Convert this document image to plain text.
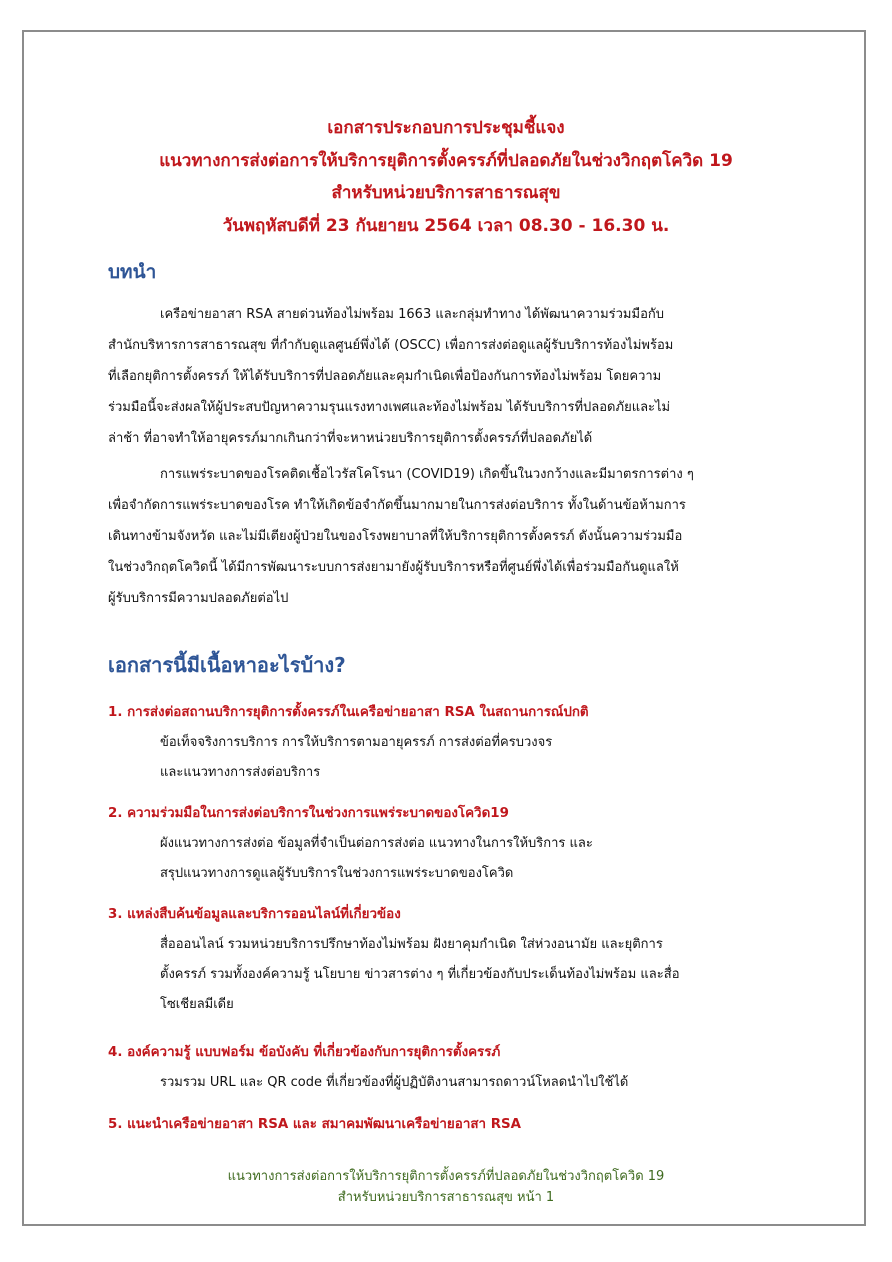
เอกสารประกอบการประชุมชี้แจง
แนวทางการส่งต่อการให้บริการยุติการตั้งครรภ์ที่ปลอดภัยในช่วงวิกฤตโควิด 19
สำหรับหน่วยบริการสาธารณสุข
วันพฤหัสบดีที่ 23 กันยายน 2564 เวลา 08.30 - 16.30 น.
บทนำ
เครือข่ายอาสา RSA สายด่วนท้องไม่พร้อม 1663 และกลุ่มทำทาง ได้พัฒนาความร่วมมือกับ
สำนักบริหารการสาธารณสุข ที่กำกับดูแลศูนย์พึ่งได้ (OSCC) เพื่อการส่งต่อดูแลผู้รับบริการท้องไม่พร้อม
ที่เลือกยุติการตั้งครรภ์ ให้ได้รับบริการที่ปลอดภัยและคุมกำเนิดเพื่อป้องกันการท้องไม่พร้อม โดยความ
ร่วมมือนี้จะส่งผลให้ผู้ประสบปัญหาความรุนแรงทางเพศและท้องไม่พร้อม ได้รับบริการที่ปลอดภัยและไม่
ล่าช้า ที่อาจทำให้อายุครรภ์มากเกินกว่าที่จะหาหน่วยบริการยุติการตั้งครรภ์ที่ปลอดภัยได้
การแพร่ระบาดของโรคติดเชื้อไวรัสโคโรนา (COVID19) เกิดขึ้นในวงกว้างและมีมาตรการต่าง ๆ
เพื่อจำกัดการแพร่ระบาดของโรค ทำให้เกิดข้อจำกัดขึ้นมากมายในการส่งต่อบริการ ทั้งในด้านข้อห้ามการ
เดินทางข้ามจังหวัด และไม่มีเตียงผู้ป่วยในของโรงพยาบาลที่ให้บริการยุติการตั้งครรภ์ ดังนั้นความร่วมมือ
ในช่วงวิกฤตโควิดนี้ ได้มีการพัฒนาระบบการส่งยามายังผู้รับบริการหรือที่ศูนย์พึ่งได้เพื่อร่วมมือกันดูแลให้
ผู้รับบริการมีความปลอดภัยต่อไป
เอกสารนี้มีเนื้อหาอะไรบ้าง?
1. การส่งต่อสถานบริการยุติการตั้งครรภ์ในเครือข่ายอาสา RSA ในสถานการณ์ปกติ
ข้อเท็จจริงการบริการ การให้บริการตามอายุครรภ์ การส่งต่อที่ครบวงจร
และแนวทางการส่งต่อบริการ
2. ความร่วมมือในการส่งต่อบริการในช่วงการแพร่ระบาดของโควิด19
ผังแนวทางการส่งต่อ ข้อมูลที่จำเป็นต่อการส่งต่อ แนวทางในการให้บริการ และ
สรุปแนวทางการดูแลผู้รับบริการในช่วงการแพร่ระบาดของโควิด
3. แหล่งสืบค้นข้อมูลและบริการออนไลน์ที่เกี่ยวข้อง
สื่อออนไลน์ รวมหน่วยบริการปรึกษาท้องไม่พร้อม ฝังยาคุมกำเนิด ใส่ห่วงอนามัย และยุติการ
ตั้งครรภ์ รวมทั้งองค์ความรู้ นโยบาย ข่าวสารต่าง ๆ ที่เกี่ยวข้องกับประเด็นท้องไม่พร้อม และสื่อ
โซเชียลมีเดีย
4. องค์ความรู้ แบบฟอร์ม ข้อบังคับ ที่เกี่ยวข้องกับการยุติการตั้งครรภ์
รวมรวม URL และ QR code ที่เกี่ยวข้องที่ผู้ปฏิบัติงานสามารถดาวน์โหลดนำไปใช้ได้
5. แนะนำเครือข่ายอาสา RSA และ สมาคมพัฒนาเครือข่ายอาสา RSA
แนวทางการส่งต่อการให้บริการยุติการตั้งครรภ์ที่ปลอดภัยในช่วงวิกฤตโควิด 19
สำหรับหน่วยบริการสาธารณสุข หน้า 1
